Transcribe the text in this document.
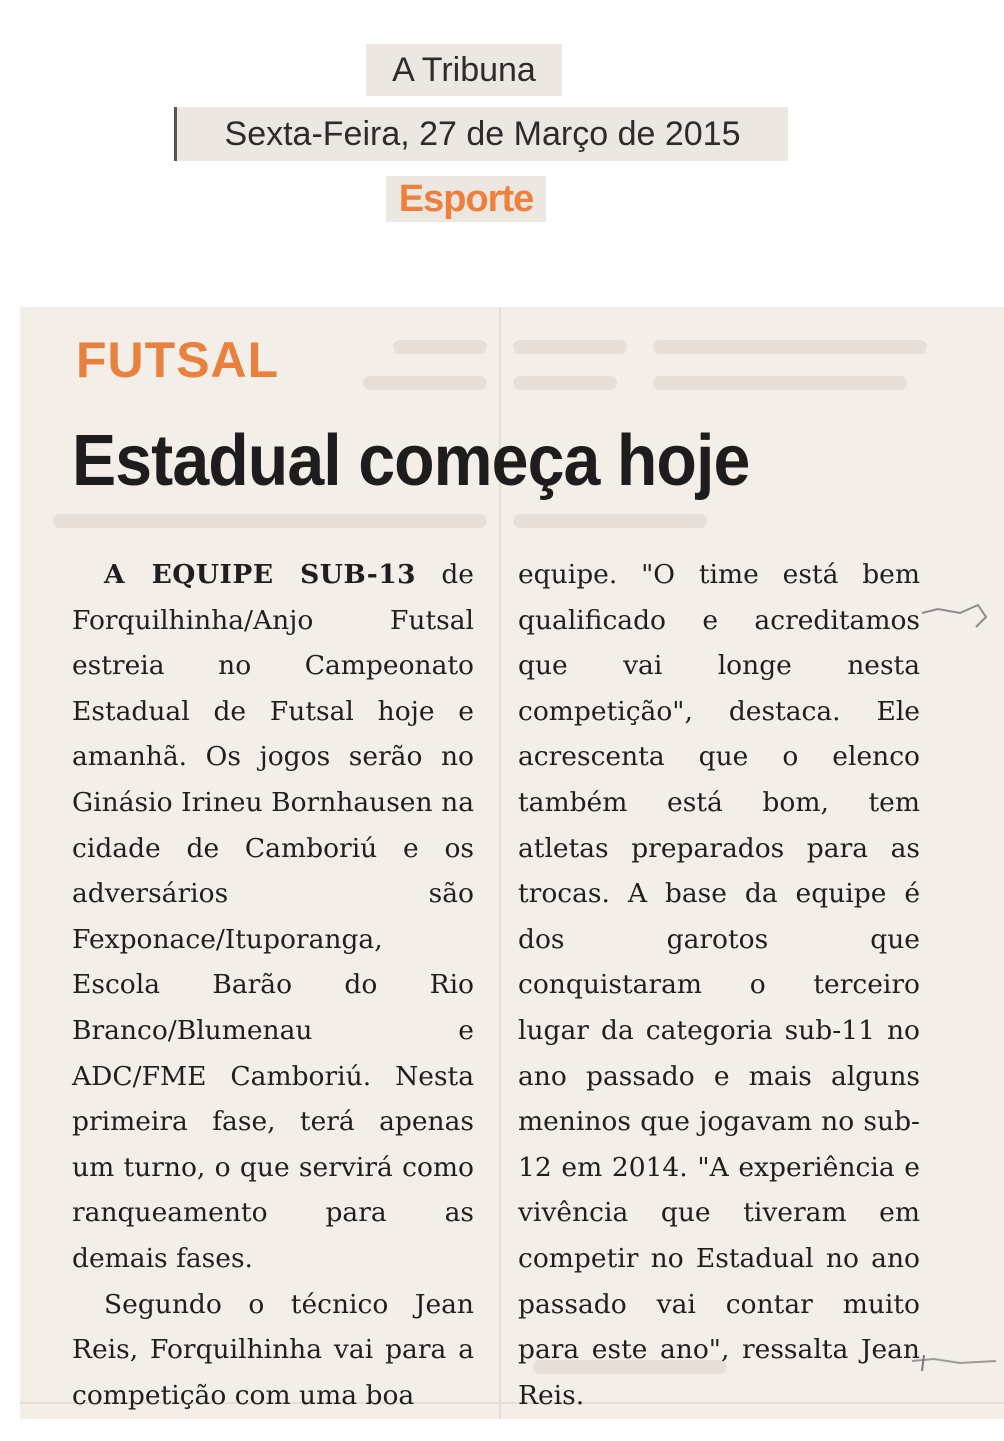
A Tribuna
Sexta-Feira, 27 de Março de 2015
Esporte
FUTSAL
Estadual começa hoje

A EQUIPE SUB-13 de Forquilhinha/Anjo Futsal estreia no Campeonato Estadual de Futsal hoje e amanhã. Os jogos serão no Ginásio Irineu Bornhausen na cidade de Camboriú e os adversários são Fexponace/Ituporanga, Escola Barão do Rio Branco/Blumenau e ADC/FME Camboriú. Nesta primeira fase, terá apenas um turno, o que servirá como ranqueamento para as demais fases.

Segundo o técnico Jean Reis, Forquilhinha vai para a competição com uma boa

equipe. "O time está bem qualificado e acreditamos que vai longe nesta competição", destaca. Ele acrescenta que o elenco também está bom, tem atletas preparados para as trocas. A base da equipe é dos garotos que conquistaram o terceiro lugar da categoria sub-11 no ano passado e mais alguns meninos que jogavam no sub-12 em 2014. "A experiência e vivência que tiveram em competir no Estadual no ano passado vai contar muito para este ano", ressalta Jean Reis.
